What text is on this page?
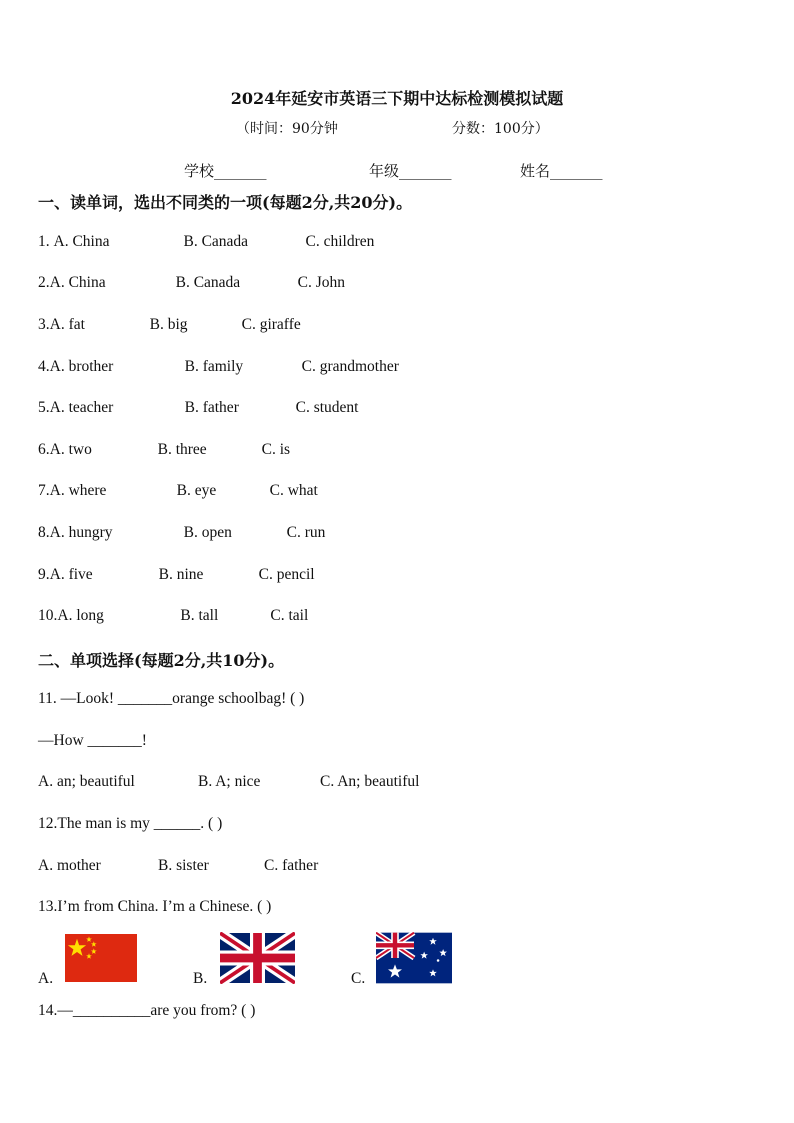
2024年延安市英语三下期中达标检测模拟试题
（时间：90分钟	分数：100分）
学校_______	年级_______	姓名_______
一、读单词，选出不同类的一项(每题2分,共20分)。
1. A. China	B. Canada	C. children
2.A. China	B. Canada	C. John
3.A. fat	B. big	C. giraffe
4.A. brother	B. family	C. grandmother
5.A. teacher	B. father	C. student
6.A. two	B. three	C. is
7.A. where	B. eye	C. what
8.A. hungry	B. open	C. run
9.A. five	B. nine	C. pencil
10.A. long	B. tall	C. tail
二、单项选择(每题2分,共10分)。
11. —Look! _______orange schoolbag! ( )
—How _______!
A. an; beautiful	B. A; nice	C. An; beautiful
12.The man is my ______. ( )
A. mother	B. sister	C. father
13.I’m from China. I’m a Chinese. ( )
A.	B.	C.
14.—__________are you from? ( )
